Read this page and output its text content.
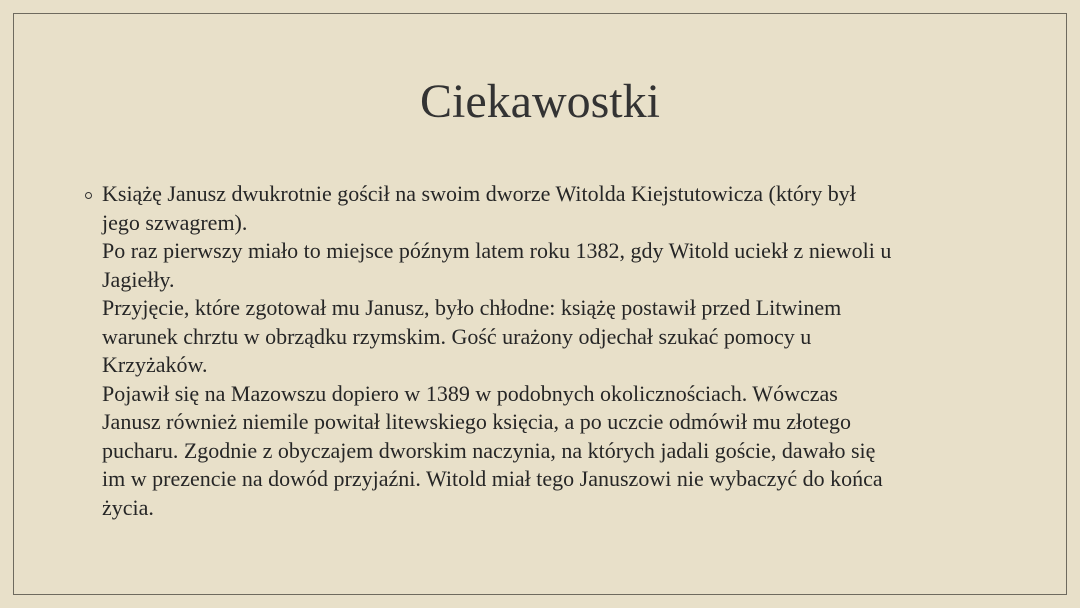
Ciekawostki
Książę Janusz dwukrotnie gościł na swoim dworze Witolda Kiejstutowicza (który był
jego szwagrem).
Po raz pierwszy miało to miejsce późnym latem roku 1382, gdy Witold uciekł z niewoli u
Jagiełły.
Przyjęcie, które zgotował mu Janusz, było chłodne: książę postawił przed Litwinem
warunek chrztu w obrządku rzymskim. Gość urażony odjechał szukać pomocy u
Krzyżaków.
Pojawił się na Mazowszu dopiero w 1389 w podobnych okolicznościach. Wówczas
Janusz również niemile powitał litewskiego księcia, a po uczcie odmówił mu złotego
pucharu. Zgodnie z obyczajem dworskim naczynia, na których jadali goście, dawało się
im w prezencie na dowód przyjaźni. Witold miał tego Januszowi nie wybaczyć do końca
życia.
